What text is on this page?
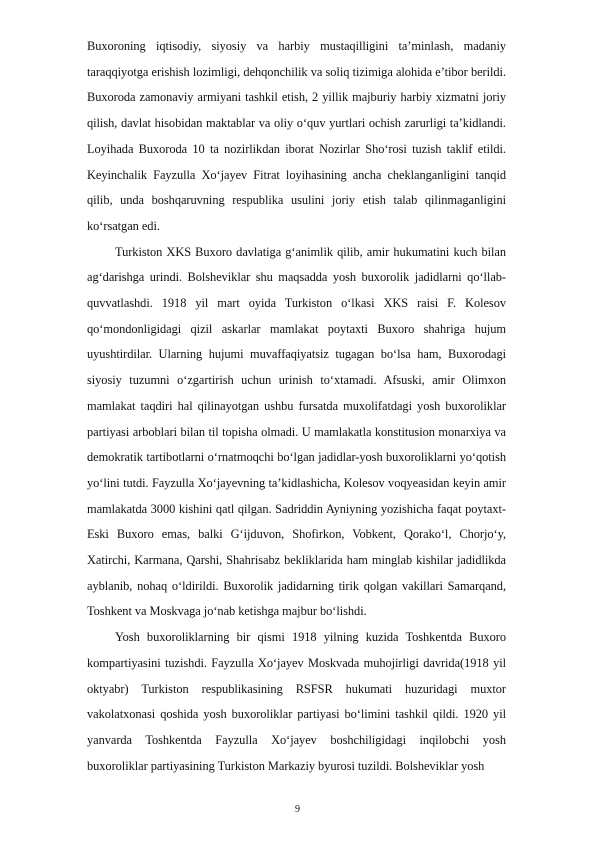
Buxoroning iqtisodiy, siyosiy va harbiy mustaqilligini ta’minlash, madaniy taraqqiyotga erishish lozimligi, dehqonchilik va soliq tizimiga alohida e’tibor berildi. Buxoroda zamonaviy armiyani tashkil etish, 2 yillik majburiy harbiy xizmatni joriy qilish, davlat hisobidan maktablar va oliy o‘quv yurtlari ochish zarurligi ta’kidlandi. Loyihada Buxoroda 10 ta nozirlikdan iborat Nozirlar Sho‘rosi tuzish taklif etildi. Keyinchalik Fayzulla Xo‘jayev Fitrat loyihasining ancha cheklanganligini tanqid qilib, unda boshqaruvning respublika usulini joriy etish talab qilinmaganligini ko‘rsatgan edi.

Turkiston XKS Buxoro davlatiga g‘animlik qilib, amir hukumatini kuch bilan ag‘darishga urindi. Bolsheviklar shu maqsadda yosh buxorolik jadidlarni qo‘llab-quvvatlashdi. 1918 yil mart oyida Turkiston o‘lkasi XKS raisi F. Kolesov qo‘mondonligidagi qizil askarlar mamlakat poytaxti Buxoro shahriga hujum uyushtirdilar. Ularning hujumi muvaffaqiyatsiz tugagan bo‘lsa ham, Buxorodagi siyosiy tuzumni o‘zgartirish uchun urinish to‘xtamadi. Afsuski, amir Olimxon mamlakat taqdiri hal qilinayotgan ushbu fursatda muxolifatdagi yosh buxoroliklar partiyasi arboblari bilan til topisha olmadi. U mamlakatla konstitusion monarxiya va demokratik tartibotlarni o‘rnatmoqchi bo‘lgan jadidlar-yosh buxoroliklarni yo‘qotish yo‘lini tutdi. Fayzulla Xo‘jayevning ta’kidlashicha, Kolesov voqyeasidan keyin amir mamlakatda 3000 kishini qatl qilgan. Sadriddin Ayniyning yozishicha faqat poytaxt-Eski Buxoro emas, balki G‘ijduvon, Shofirkon, Vobkent, Qorako‘l, Chorjo‘y, Xatirchi, Karmana, Qarshi, Shahrisabz bekliklarida ham minglab kishilar jadidlikda ayblanib, nohaq o‘ldirildi. Buxorolik jadidarning tirik qolgan vakillari Samarqand, Toshkent va Moskvaga jo‘nab ketishga majbur bo‘lishdi.

Yosh buxoroliklarning bir qismi 1918 yilning kuzida Toshkentda Buxoro kompartiyasini tuzishdi. Fayzulla Xo‘jayev Moskvada muhojirligi davrida(1918 yil oktyabr) Turkiston respublikasining RSFSR hukumati huzuridagi muxtor vakolatxonasi qoshida yosh buxoroliklar partiyasi bo‘limini tashkil qildi. 1920 yil yanvarda Toshkentda Fayzulla Xo‘jayev boshchiligidagi inqilobchi yosh buxoroliklar partiyasining Turkiston Markaziy byurosi tuzildi. Bolsheviklar yosh

9
